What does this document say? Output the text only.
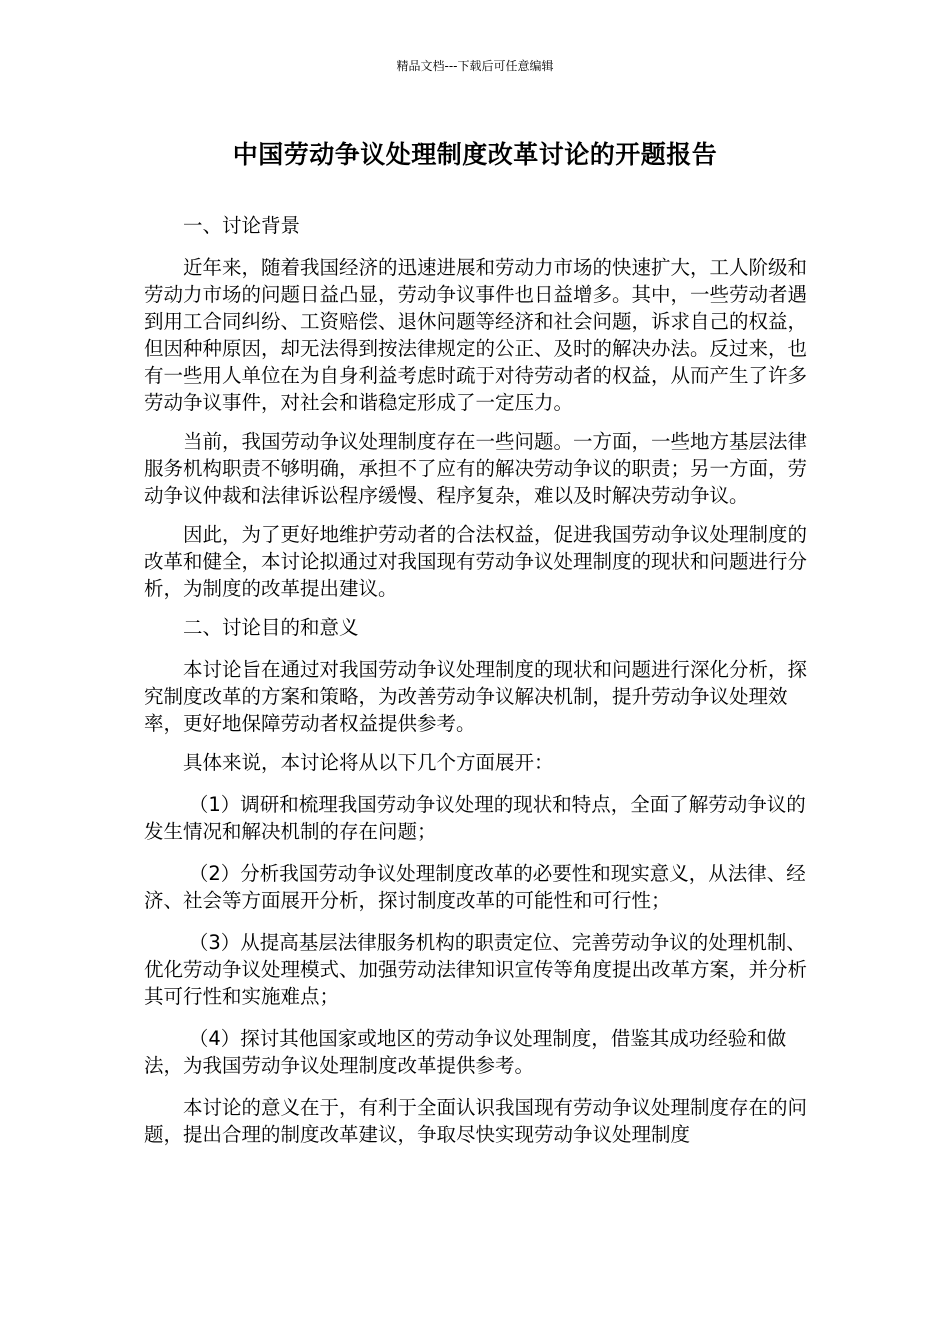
精品文档---下载后可任意编辑
中国劳动争议处理制度改革讨论的开题报告

一、讨论背景

近年来，随着我国经济的迅速进展和劳动力市场的快速扩大，工人阶级和劳动力市场的问题日益凸显，劳动争议事件也日益增多。其中，一些劳动者遇到用工合同纠纷、工资赔偿、退休问题等经济和社会问题，诉求自己的权益，但因种种原因，却无法得到按法律规定的公正、及时的解决办法。反过来，也有一些用人单位在为自身利益考虑时疏于对待劳动者的权益，从而产生了许多劳动争议事件，对社会和谐稳定形成了一定压力。

当前，我国劳动争议处理制度存在一些问题。一方面，一些地方基层法律服务机构职责不够明确，承担不了应有的解决劳动争议的职责；另一方面，劳动争议仲裁和法律诉讼程序缓慢、程序复杂，难以及时解决劳动争议。

因此，为了更好地维护劳动者的合法权益，促进我国劳动争议处理制度的改革和健全，本讨论拟通过对我国现有劳动争议处理制度的现状和问题进行分析，为制度的改革提出建议。

二、讨论目的和意义

本讨论旨在通过对我国劳动争议处理制度的现状和问题进行深化分析，探究制度改革的方案和策略，为改善劳动争议解决机制，提升劳动争议处理效率，更好地保障劳动者权益提供参考。

具体来说，本讨论将从以下几个方面展开：

（1）调研和梳理我国劳动争议处理的现状和特点，全面了解劳动争议的发生情况和解决机制的存在问题；

（2）分析我国劳动争议处理制度改革的必要性和现实意义，从法律、经济、社会等方面展开分析，探讨制度改革的可能性和可行性；

（3）从提高基层法律服务机构的职责定位、完善劳动争议的处理机制、优化劳动争议处理模式、加强劳动法律知识宣传等角度提出改革方案，并分析其可行性和实施难点；

（4）探讨其他国家或地区的劳动争议处理制度，借鉴其成功经验和做法，为我国劳动争议处理制度改革提供参考。

本讨论的意义在于，有利于全面认识我国现有劳动争议处理制度存在的问题，提出合理的制度改革建议，争取尽快实现劳动争议处理制度
